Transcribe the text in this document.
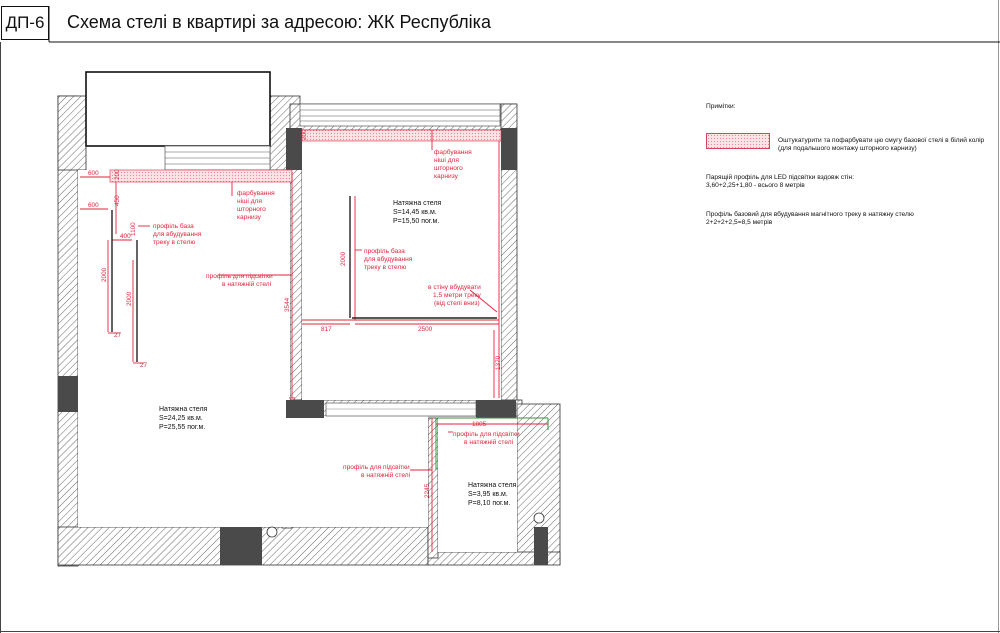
ДП-6 Схема стелі в квартирі за адресою: ЖК Республіка
фарбування ніші для шторного карнизу
фарбування ніші для шторного карнизу
профіль база для вбудування треку в стелю
профіль база для вбудування треку в стелю
профіль для підсвітки в натяжній стелі
профіль для підсвітки в натяжній стелі
профіль для підсвітки в натяжній стелі
в стіну вбудувати 1,5 метри треку (від стелі вниз)
600
600
400
27
27
817	2500
1805
200
450
1100
2000
2000	3544
200
2000
1370
2245
Натяжна стеля S=24,25 кв.м. P=25,55 пог.м.
Натяжна стеля S=14,45 кв.м. P=15,50 пог.м.
Натяжна стеля S=3,95 кв.м. P=8,10 пог.м.
Примітки:
Оштукатурити та пофарбувати цю смугу базової стелі в білий колір
(для подальшого монтажу шторного карнизу)
Парящій профіль для LED підсвітки вздовж стін:
3,60+2,25+1,80 - всього 8 метрів
Профіль базовий для вбудування магнітного треку в натяжну стелю
2+2+2+2,5=8,5 метрів
